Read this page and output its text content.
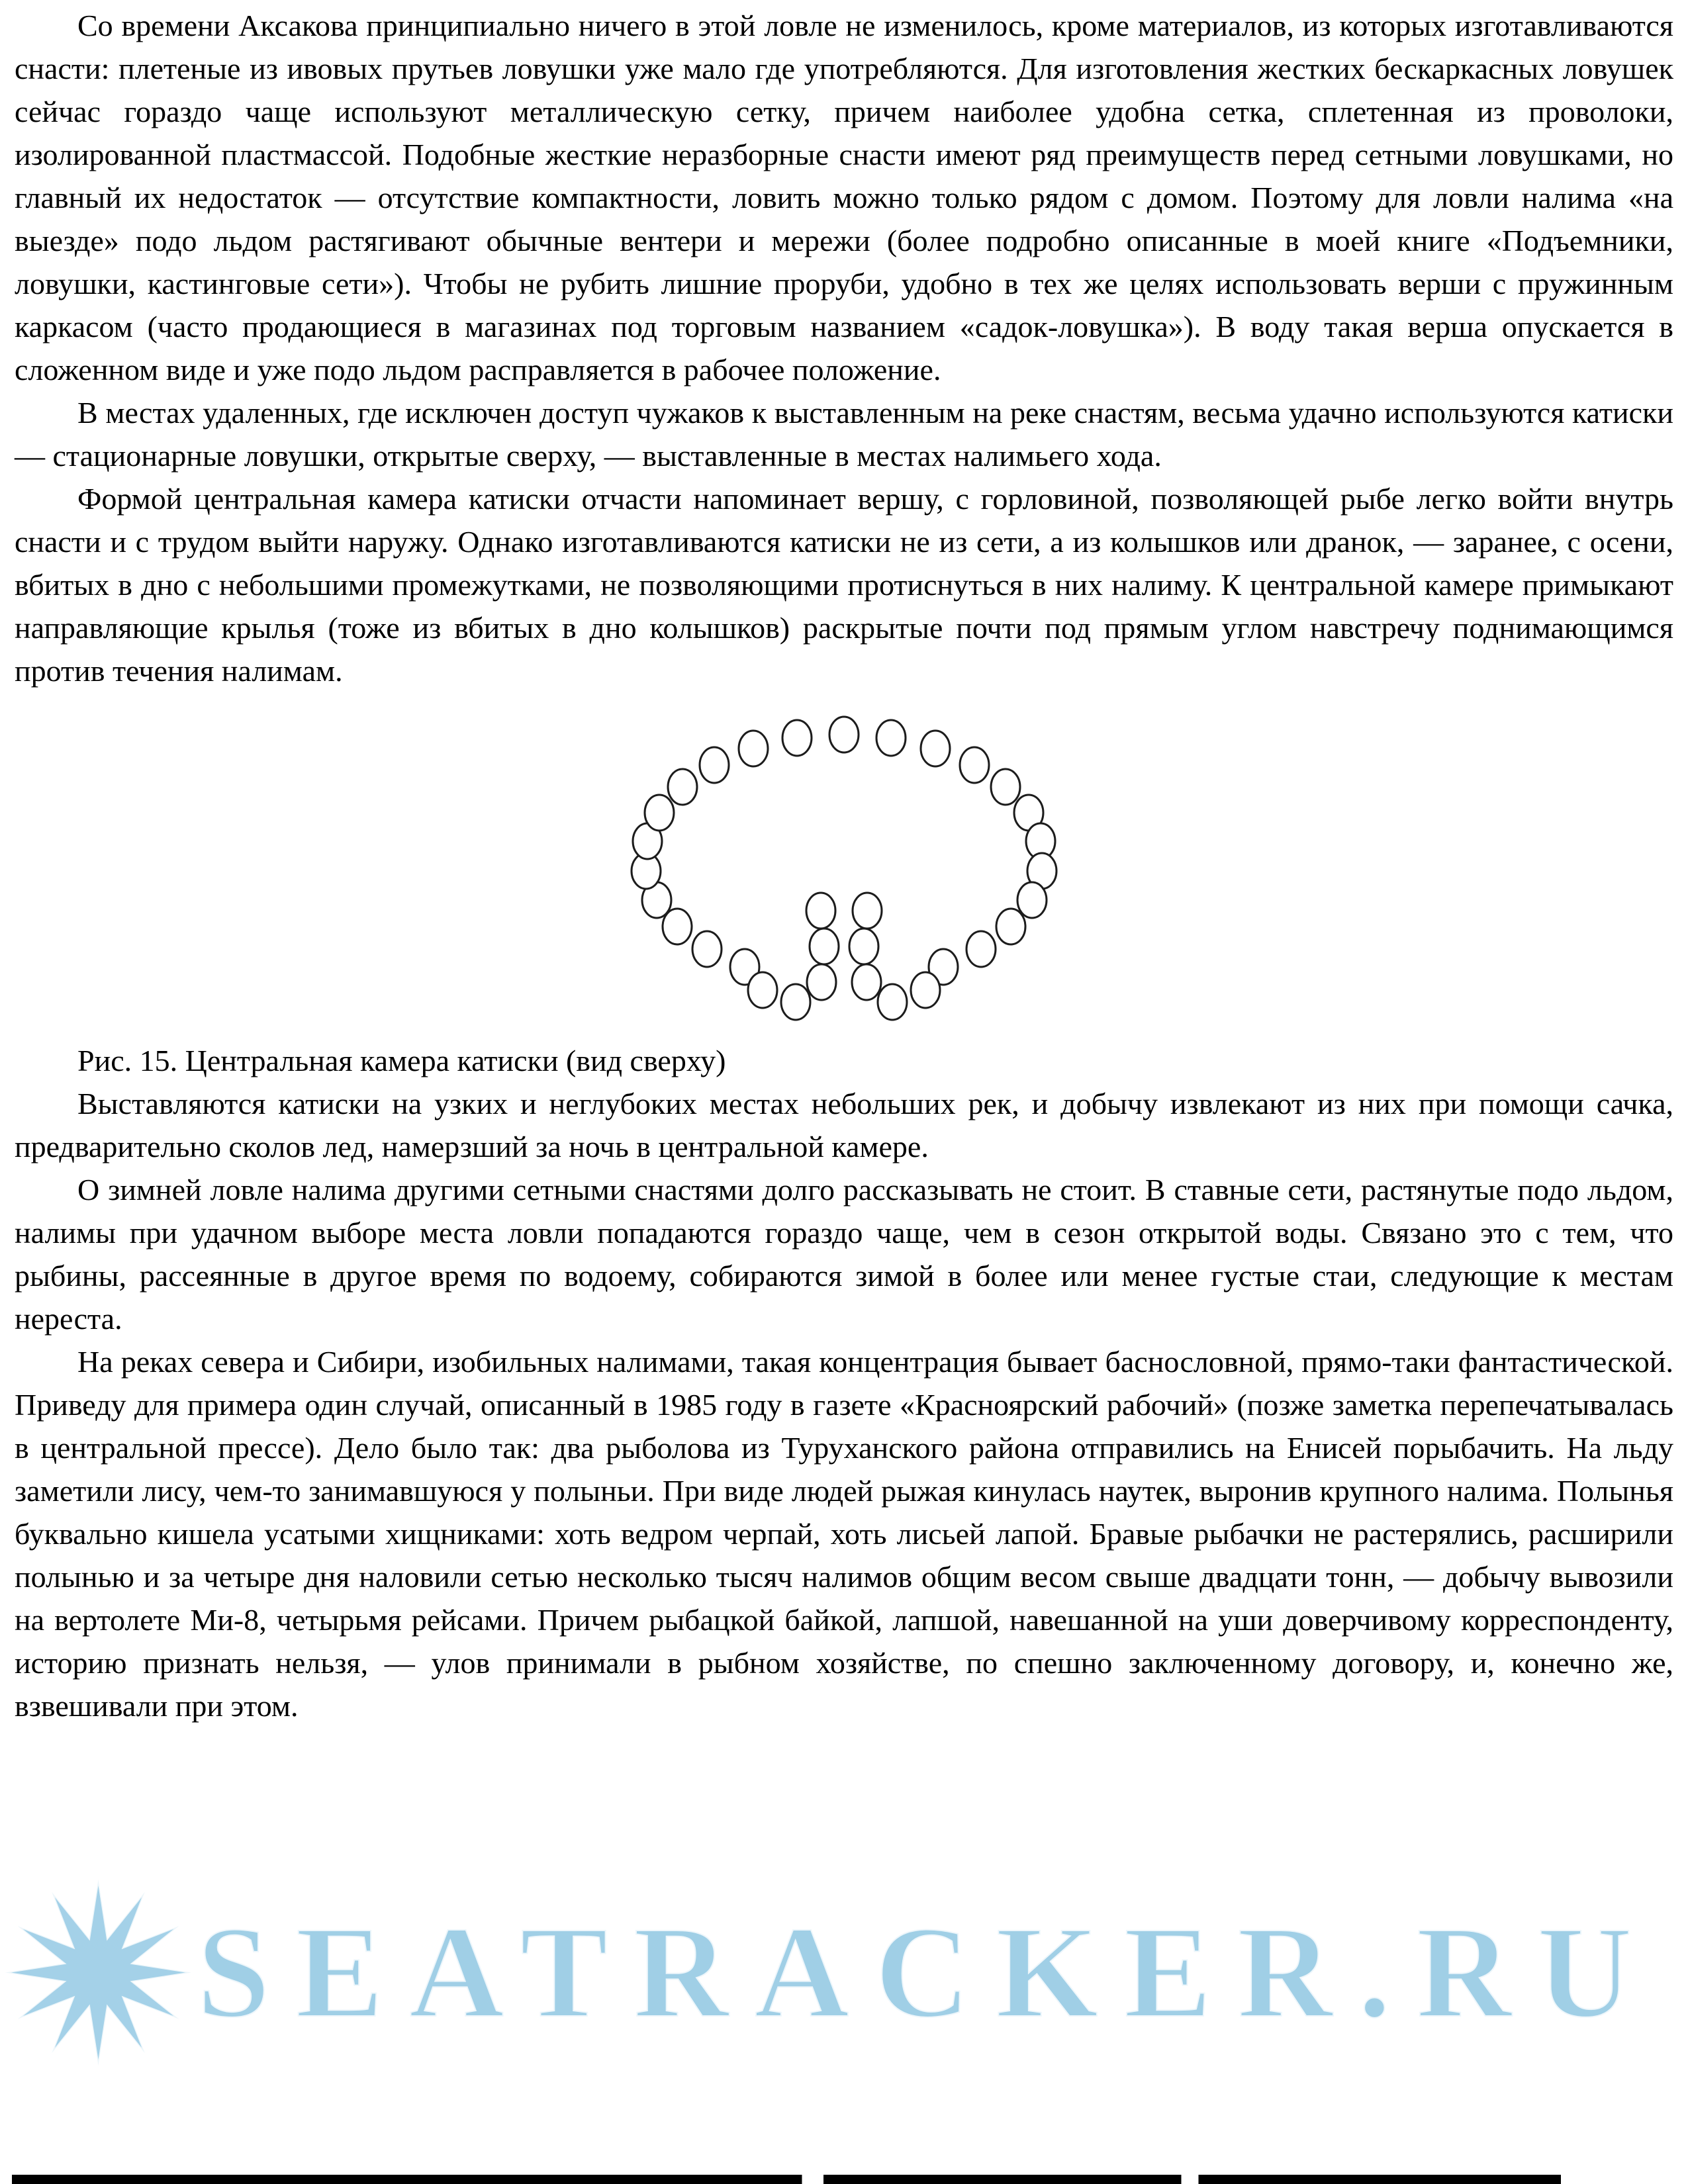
Со времени Аксакова принципиально ничего в этой ловле не изменилось, кроме материалов, из которых изготавливаются снасти: плетеные из ивовых прутьев ловушки уже мало где употребляются. Для изготовления жестких бескаркасных ловушек сейчас гораздо чаще используют металлическую сетку, причем наиболее удобна сетка, сплетенная из проволоки, изолированной пластмассой. Подобные жесткие неразборные снасти имеют ряд преимуществ перед сетными ловушками, но главный их недостаток — отсутствие компактности, ловить можно только рядом с домом. Поэтому для ловли налима «на выезде» подо льдом растягивают обычные вентери и мережи (более подробно описанные в моей книге «Подъемники, ловушки, кастинговые сети»). Чтобы не рубить лишние проруби, удобно в тех же целях использовать верши с пружинным каркасом (часто продающиеся в магазинах под торговым названием «садок-ловушка»). В воду такая верша опускается в сложенном виде и уже подо льдом расправляется в рабочее положение.

В местах удаленных, где исключен доступ чужаков к выставленным на реке снастям, весьма удачно используются катиски — стационарные ловушки, открытые сверху, — выставленные в местах налимьего хода.

Формой центральная камера катиски отчасти напоминает вершу, с горловиной, позволяющей рыбе легко войти внутрь снасти и с трудом выйти наружу. Однако изготавливаются катиски не из сети, а из колышков или дранок, — заранее, с осени, вбитых в дно с небольшими промежутками, не позволяющими протиснуться в них налиму. К центральной камере примыкают направляющие крылья (тоже из вбитых в дно колышков) раскрытые почти под прямым углом навстречу поднимающимся против течения налимам.

Рис. 15. Центральная камера катиски (вид сверху)

Выставляются катиски на узких и неглубоких местах небольших рек, и добычу извлекают из них при помощи сачка, предварительно сколов лед, намерзший за ночь в центральной камере.

О зимней ловле налима другими сетными снастями долго рассказывать не стоит. В ставные сети, растянутые подо льдом, налимы при удачном выборе места ловли попадаются гораздо чаще, чем в сезон открытой воды. Связано это с тем, что рыбины, рассеянные в другое время по водоему, собираются зимой в более или менее густые стаи, следующие к местам нереста.

На реках севера и Сибири, изобильных налимами, такая концентрация бывает баснословной, прямо-таки фантастической. Приведу для примера один случай, описанный в 1985 году в газете «Красноярский рабочий» (позже заметка перепечатывалась в центральной прессе). Дело было так: два рыболова из Туруханского района отправились на Енисей порыбачить. На льду заметили лису, чем-то занимавшуюся у полыньи. При виде людей рыжая кинулась наутек, выронив крупного налима. Полынья буквально кишела усатыми хищниками: хоть ведром черпай, хоть лисьей лапой. Бравые рыбачки не растерялись, расширили полынью и за четыре дня наловили сетью несколько тысяч налимов общим весом свыше двадцати тонн, — добычу вывозили на вертолете Ми-8, четырьмя рейсами. Причем рыбацкой байкой, лапшой, навешанной на уши доверчивому корреспонденту, историю признать нельзя, — улов принимали в рыбном хозяйстве, по спешно заключенному договору, и, конечно же, взвешивали при этом.

SEATRACKER.RU
